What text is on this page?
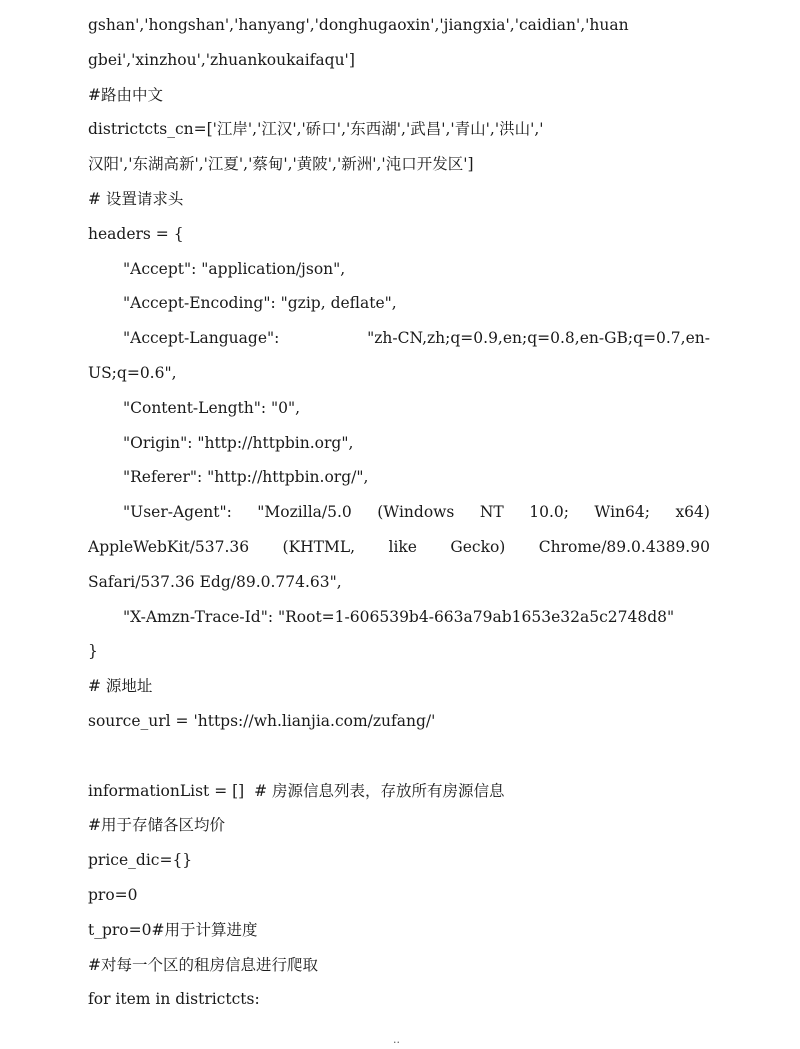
gshan','hongshan','hanyang','donghugaoxin','jiangxia','caidian','huan
gbei','xinzhou','zhuankoukaifaqu']
#路由中文
districtcts_cn=['江岸','江汉','硚口','东西湖','武昌','青山','洪山','
汉阳','东湖高新','江夏','蔡甸','黄陂','新洲','沌口开发区']
# 设置请求头
headers = {
"Accept": "application/json",
"Accept-Encoding": "gzip, deflate",
"Accept-Language":	"zh-CN,zh;q=0.9,en;q=0.8,en-GB;q=0.7,en-
US;q=0.6",
"Content-Length": "0",
"Origin": "http://httpbin.org",
"Referer": "http://httpbin.org/",
"User-Agent": "Mozilla/5.0 (Windows NT 10.0; Win64; x64)
AppleWebKit/537.36 (KHTML, like Gecko) Chrome/89.0.4389.90
Safari/537.36 Edg/89.0.774.63",
"X-Amzn-Trace-Id": "Root=1-606539b4-663a79ab1653e32a5c2748d8"
}
# 源地址
source_url = 'https://wh.lianjia.com/zufang/'
informationList = []  # 房源信息列表，存放所有房源信息
#用于存储各区均价
price_dic={}
pro=0
t_pro=0#用于计算进度
#对每一个区的租房信息进行爬取
for item in districtcts:
··
